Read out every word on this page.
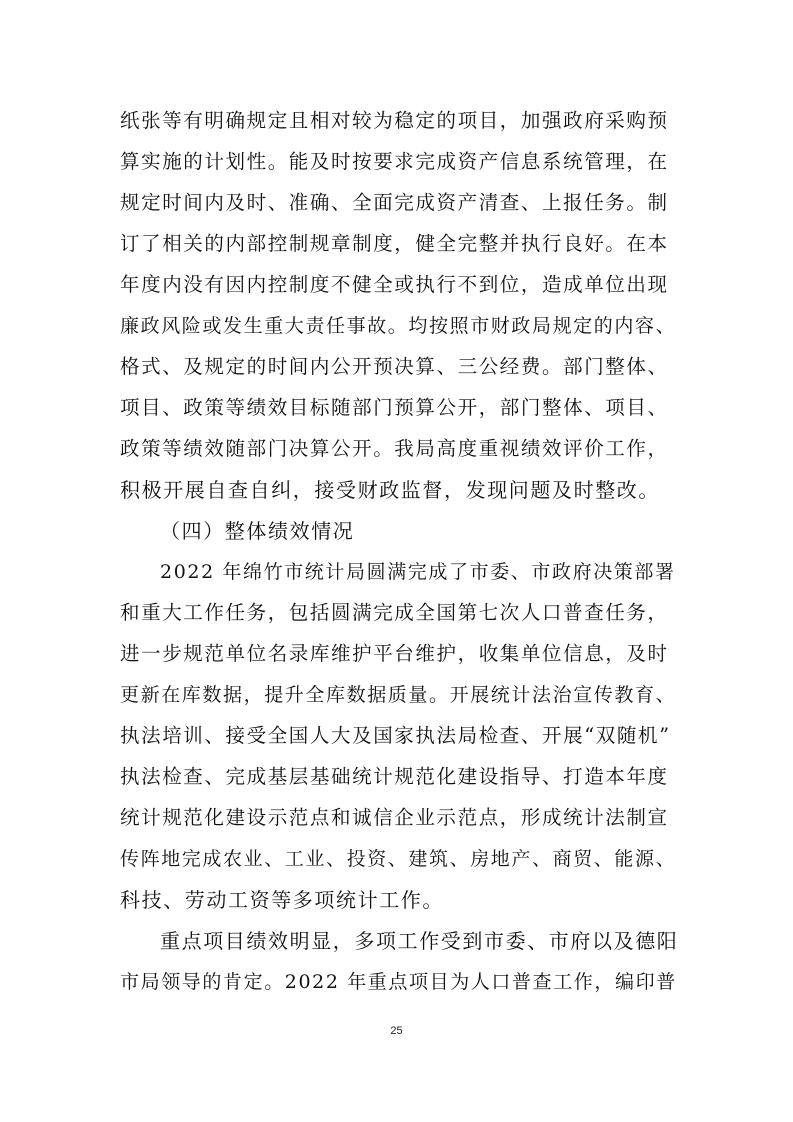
纸张等有明确规定且相对较为稳定的项目，加强政府采购预
算实施的计划性。能及时按要求完成资产信息系统管理，在
规定时间内及时、准确、全面完成资产清查、上报任务。制
订了相关的内部控制规章制度，健全完整并执行良好。在本
年度内没有因内控制度不健全或执行不到位，造成单位出现
廉政风险或发生重大责任事故。均按照市财政局规定的内容、
格式、及规定的时间内公开预决算、三公经费。部门整体、
项目、政策等绩效目标随部门预算公开，部门整体、项目、
政策等绩效随部门决算公开。我局高度重视绩效评价工作，
积极开展自查自纠，接受财政监督，发现问题及时整改。
（四）整体绩效情况
2022 年绵竹市统计局圆满完成了市委、市政府决策部署
和重大工作任务，包括圆满完成全国第七次人口普查任务，
进一步规范单位名录库维护平台维护，收集单位信息，及时
更新在库数据，提升全库数据质量。开展统计法治宣传教育、
执法培训、接受全国人大及国家执法局检查、开展“双随机”
执法检查、完成基层基础统计规范化建设指导、打造本年度
统计规范化建设示范点和诚信企业示范点，形成统计法制宣
传阵地完成农业、工业、投资、建筑、房地产、商贸、能源、
科技、劳动工资等多项统计工作。
重点项目绩效明显，多项工作受到市委、市府以及德阳
市局领导的肯定。2022 年重点项目为人口普查工作，编印普
25
